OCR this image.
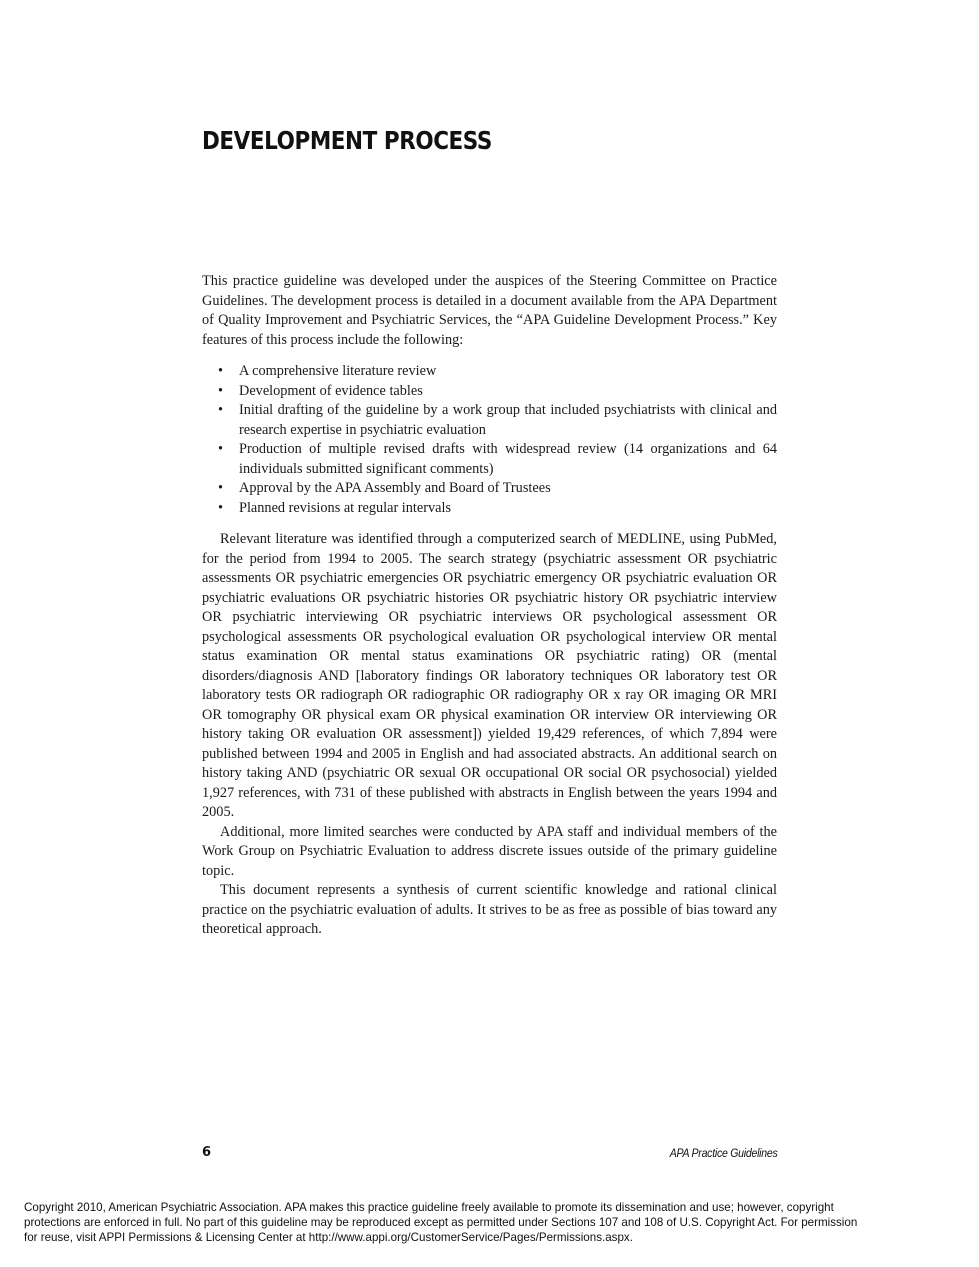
DEVELOPMENT PROCESS

This practice guideline was developed under the auspices of the Steering Committee on Practice Guidelines. The development process is detailed in a document available from the APA Department of Quality Improvement and Psychiatric Services, the “APA Guideline Development Process.” Key features of this process include the following:

• A comprehensive literature review
• Development of evidence tables
• Initial drafting of the guideline by a work group that included psychiatrists with clinical and research expertise in psychiatric evaluation
• Production of multiple revised drafts with widespread review (14 organizations and 64 individuals submitted significant comments)
• Approval by the APA Assembly and Board of Trustees
• Planned revisions at regular intervals

Relevant literature was identified through a computerized search of MEDLINE, using PubMed, for the period from 1994 to 2005. The search strategy (psychiatric assessment OR psychiatric assessments OR psychiatric emergencies OR psychiatric emergency OR psychiatric evaluation OR psychiatric evaluations OR psychiatric histories OR psychiatric history OR psychiatric interview OR psychiatric interviewing OR psychiatric interviews OR psychological assessment OR psychological assessments OR psychological evaluation OR psychological interview OR mental status examination OR mental status examinations OR psychiatric rating) OR (mental disorders/diagnosis AND [laboratory findings OR laboratory techniques OR laboratory test OR laboratory tests OR radiograph OR radiographic OR radiography OR x ray OR imaging OR MRI OR tomography OR physical exam OR physical examination OR interview OR interviewing OR history taking OR evaluation OR assessment]) yielded 19,429 references, of which 7,894 were published between 1994 and 2005 in English and had associated abstracts. An additional search on history taking AND (psychiatric OR sexual OR occupational OR social OR psychosocial) yielded 1,927 references, with 731 of these published with abstracts in English between the years 1994 and 2005.

Additional, more limited searches were conducted by APA staff and individual members of the Work Group on Psychiatric Evaluation to address discrete issues outside of the primary guideline topic.

This document represents a synthesis of current scientific knowledge and rational clinical practice on the psychiatric evaluation of adults. It strives to be as free as possible of bias toward any theoretical approach.

6	APA Practice Guidelines
Copyright 2010, American Psychiatric Association. APA makes this practice guideline freely available to promote its dissemination and use; however, copyright
protections are enforced in full. No part of this guideline may be reproduced except as permitted under Sections 107 and 108 of U.S. Copyright Act. For permission
for reuse, visit APPI Permissions & Licensing Center at http://www.appi.org/CustomerService/Pages/Permissions.aspx.
